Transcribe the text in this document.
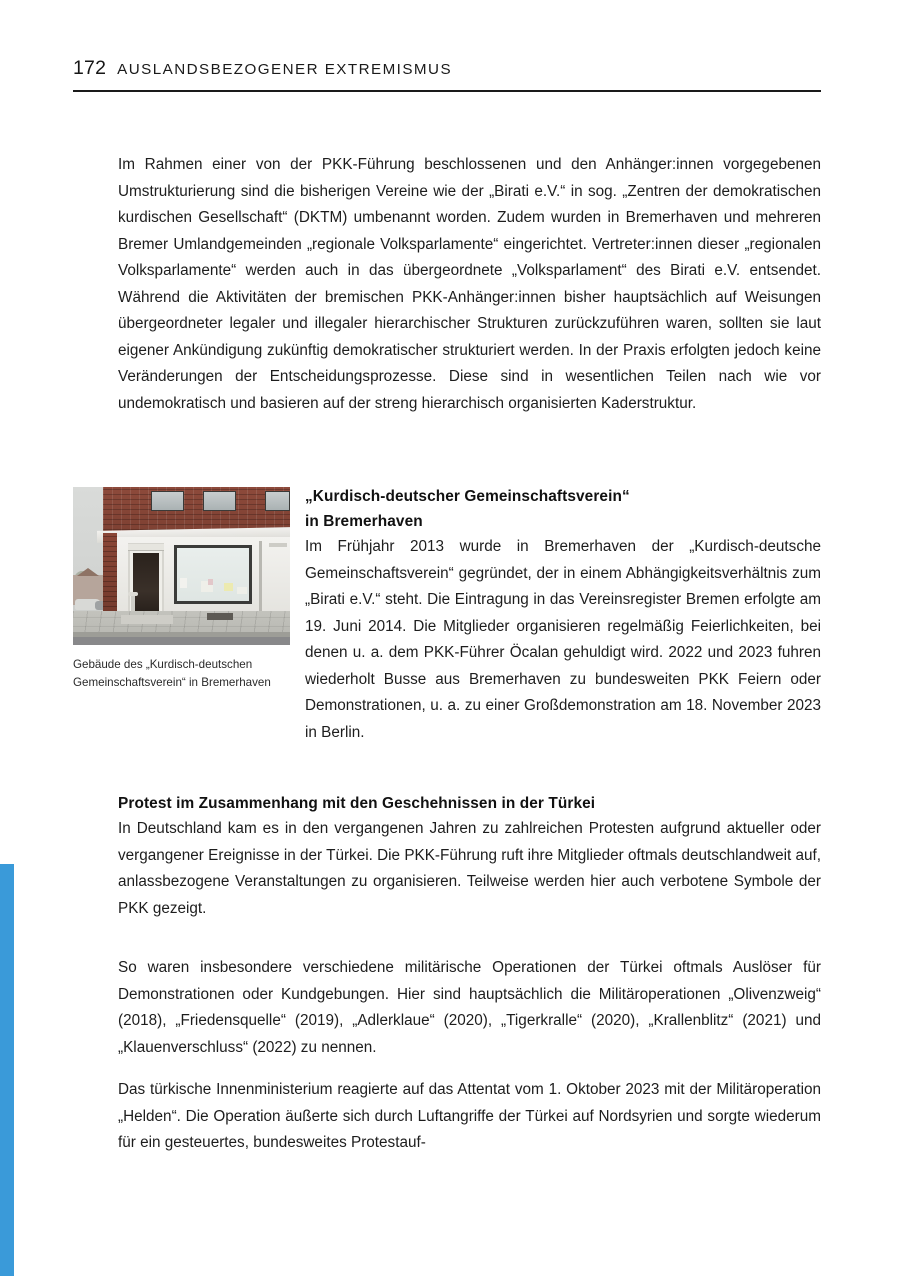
172 AUSLANDSBEZOGENER EXTREMISMUS

Im Rahmen einer von der PKK-Führung beschlossenen und den Anhänger:innen vorgegebenen Umstrukturierung sind die bisherigen Vereine wie der „Birati e.V.“ in sog. „Zentren der demokratischen kurdischen Gesellschaft“ (DKTM) umbenannt worden. Zudem wurden in Bremerhaven und mehreren Bremer Umlandgemeinden „regionale Volksparlamente“ eingerichtet. Vertreter:innen dieser „regionalen Volksparlamente“ werden auch in das übergeordnete „Volksparlament“ des Birati e.V. entsendet. Während die Aktivitäten der bremischen PKK-Anhänger:innen bisher hauptsächlich auf Weisungen übergeordneter legaler und illegaler hierarchischer Strukturen zurückzuführen waren, sollten sie laut eigener Ankündigung zukünftig demokratischer strukturiert werden. In der Praxis erfolgten jedoch keine Veränderungen der Entscheidungsprozesse. Diese sind in wesentlichen Teilen nach wie vor undemokratisch und basieren auf der streng hierarchisch organisierten Kaderstruktur.

Gebäude des „Kurdisch-deutschen Gemeinschaftsverein“ in Bremerhaven
„Kurdisch-deutscher Gemeinschaftsverein“
in Bremerhaven

Im Frühjahr 2013 wurde in Bremerhaven der „Kurdisch-deutsche Gemeinschaftsverein“ gegründet, der in einem Abhängigkeitsverhältnis zum „Birati e.V.“ steht. Die Eintragung in das Vereinsregister Bremen erfolgte am 19. Juni 2014. Die Mitglieder organisieren regelmäßig Feierlichkeiten, bei denen u. a. dem PKK-Führer Öcalan gehuldigt wird. 2022 und 2023 fuhren wiederholt Busse aus Bremerhaven zu bundesweiten PKK Feiern oder Demonstrationen, u. a. zu einer Großdemonstration am 18. November 2023 in Berlin.

Protest im Zusammenhang mit den Geschehnissen in der Türkei

In Deutschland kam es in den vergangenen Jahren zu zahlreichen Protesten aufgrund aktueller oder vergangener Ereignisse in der Türkei. Die PKK-Führung ruft ihre Mitglieder oftmals deutschlandweit auf, anlassbezogene Veranstaltungen zu organisieren. Teilweise werden hier auch verbotene Symbole der PKK gezeigt.

So waren insbesondere verschiedene militärische Operationen der Türkei oftmals Auslöser für Demonstrationen oder Kundgebungen. Hier sind hauptsächlich die Militäroperationen „Olivenzweig“ (2018), „Friedensquelle“ (2019), „Adlerklaue“ (2020), „Tigerkralle“ (2020), „Krallenblitz“ (2021) und „Klauenverschluss“ (2022) zu nennen.

Das türkische Innenministerium reagierte auf das Attentat vom 1. Oktober 2023 mit der Militäroperation „Helden“. Die Operation äußerte sich durch Luftangriffe der Türkei auf Nordsyrien und sorgte wiederum für ein gesteuertes, bundesweites Protestauf-
